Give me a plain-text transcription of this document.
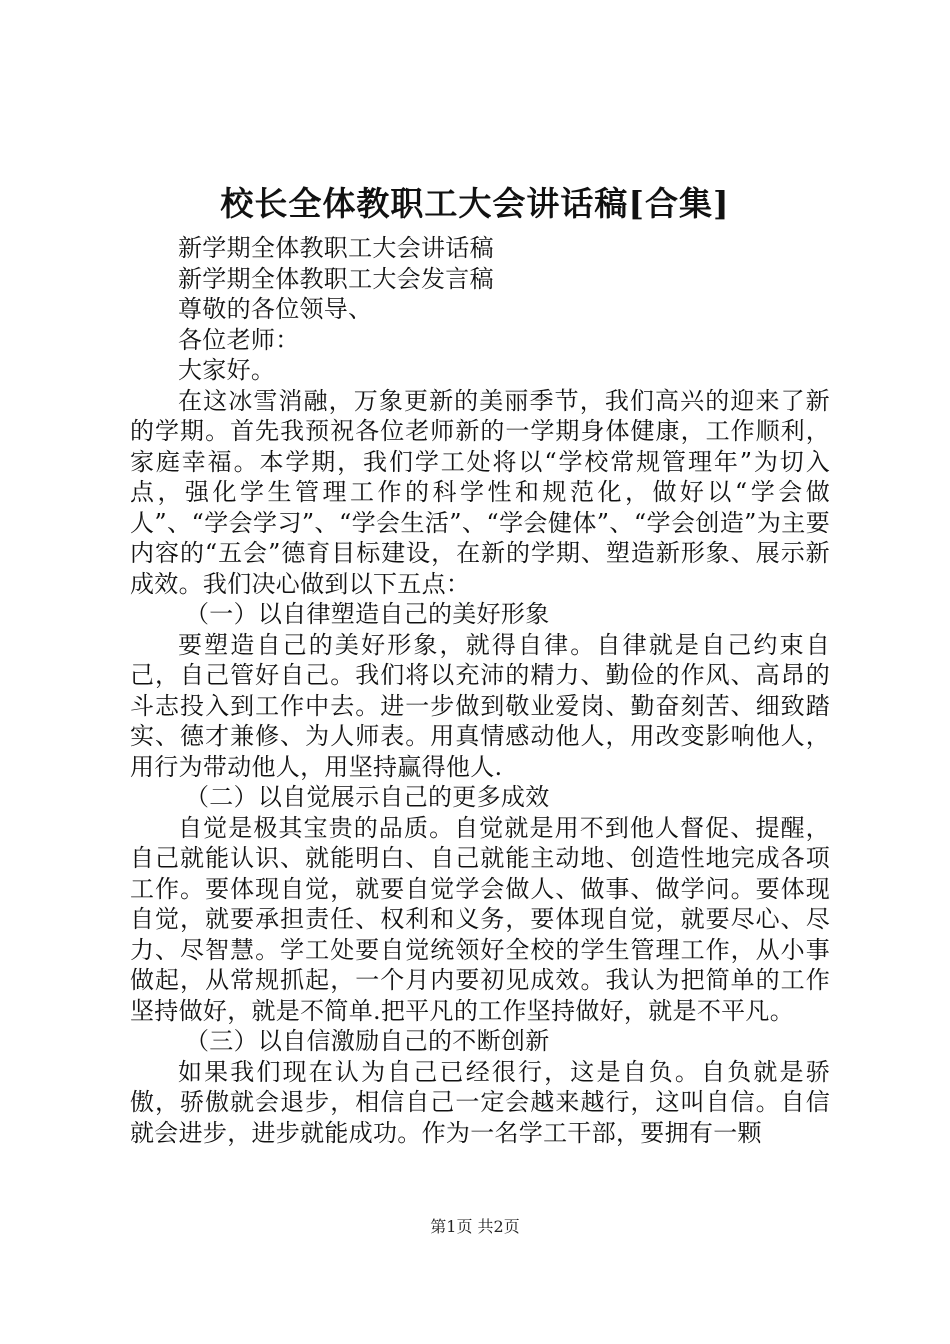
校长全体教职工大会讲话稿[合集]

新学期全体教职工大会讲话稿

新学期全体教职工大会发言稿

尊敬的各位领导、

各位老师：

大家好。

在这冰雪消融，万象更新的美丽季节，我们高兴的迎来了新的学期。首先我预祝各位老师新的一学期身体健康，工作顺利，家庭幸福。本学期，我们学工处将以“学校常规管理年”为切入点，强化学生管理工作的科学性和规范化，做好以“学会做人”、“学会学习”、“学会生活”、“学会健体”、“学会创造”为主要内容的“五会”德育目标建设，在新的学期、塑造新形象、展示新成效。我们决心做到以下五点：

（一）以自律塑造自己的美好形象

要塑造自己的美好形象，就得自律。自律就是自己约束自己，自己管好自己。我们将以充沛的精力、勤俭的作风、高昂的斗志投入到工作中去。进一步做到敬业爱岗、勤奋刻苦、细致踏实、德才兼修、为人师表。用真情感动他人，用改变影响他人，用行为带动他人，用坚持赢得他人.

（二）以自觉展示自己的更多成效

自觉是极其宝贵的品质。自觉就是用不到他人督促、提醒，自己就能认识、就能明白、自己就能主动地、创造性地完成各项工作。要体现自觉，就要自觉学会做人、做事、做学问。要体现自觉，就要承担责任、权利和义务，要体现自觉，就要尽心、尽力、尽智慧。学工处要自觉统领好全校的学生管理工作，从小事做起，从常规抓起，一个月内要初见成效。我认为把简单的工作坚持做好，就是不简单.把平凡的工作坚持做好，就是不平凡。

（三）以自信激励自己的不断创新

如果我们现在认为自己已经很行，这是自负。自负就是骄傲，骄傲就会退步，相信自己一定会越来越行，这叫自信。自信就会进步，进步就能成功。作为一名学工干部，要拥有一颗

第1页 共2页
